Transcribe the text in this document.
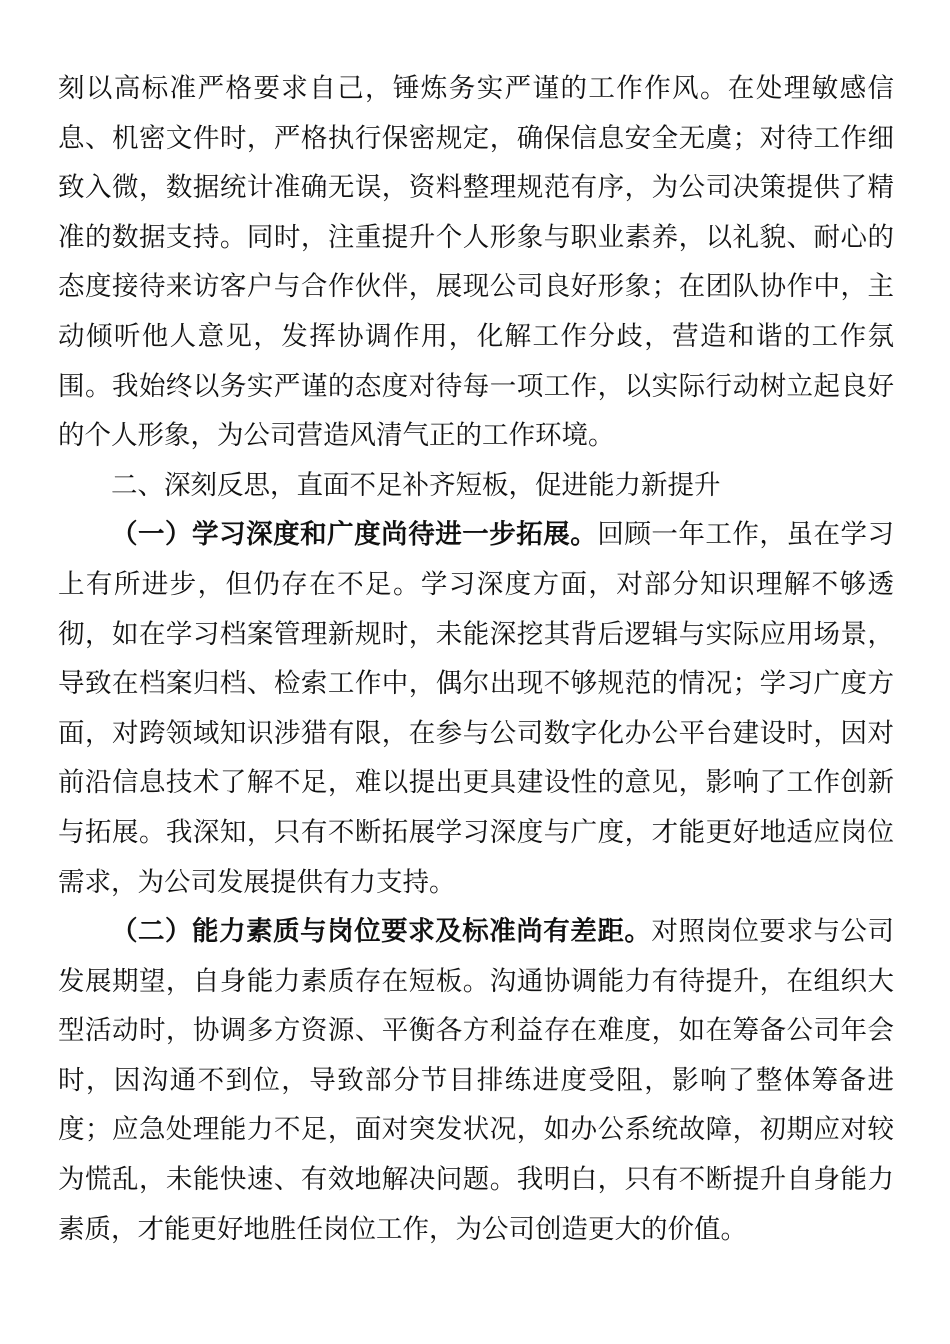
刻以高标准严格要求自己，锤炼务实严谨的工作作风。在处理敏感信息、机密文件时，严格执行保密规定，确保信息安全无虞；对待工作细致入微，数据统计准确无误，资料整理规范有序，为公司决策提供了精准的数据支持。同时，注重提升个人形象与职业素养，以礼貌、耐心的态度接待来访客户与合作伙伴，展现公司良好形象；在团队协作中，主动倾听他人意见，发挥协调作用，化解工作分歧，营造和谐的工作氛围。我始终以务实严谨的态度对待每一项工作，以实际行动树立起良好的个人形象，为公司营造风清气正的工作环境。

二、深刻反思，直面不足补齐短板，促进能力新提升

（一）学习深度和广度尚待进一步拓展。回顾一年工作，虽在学习上有所进步，但仍存在不足。学习深度方面，对部分知识理解不够透彻，如在学习档案管理新规时，未能深挖其背后逻辑与实际应用场景，导致在档案归档、检索工作中，偶尔出现不够规范的情况；学习广度方面，对跨领域知识涉猎有限，在参与公司数字化办公平台建设时，因对前沿信息技术了解不足，难以提出更具建设性的意见，影响了工作创新与拓展。我深知，只有不断拓展学习深度与广度，才能更好地适应岗位需求，为公司发展提供有力支持。

（二）能力素质与岗位要求及标准尚有差距。对照岗位要求与公司发展期望，自身能力素质存在短板。沟通协调能力有待提升，在组织大型活动时，协调多方资源、平衡各方利益存在难度，如在筹备公司年会时，因沟通不到位，导致部分节目排练进度受阻，影响了整体筹备进度；应急处理能力不足，面对突发状况，如办公系统故障，初期应对较为慌乱，未能快速、有效地解决问题。我明白，只有不断提升自身能力素质，才能更好地胜任岗位工作，为公司创造更大的价值。
